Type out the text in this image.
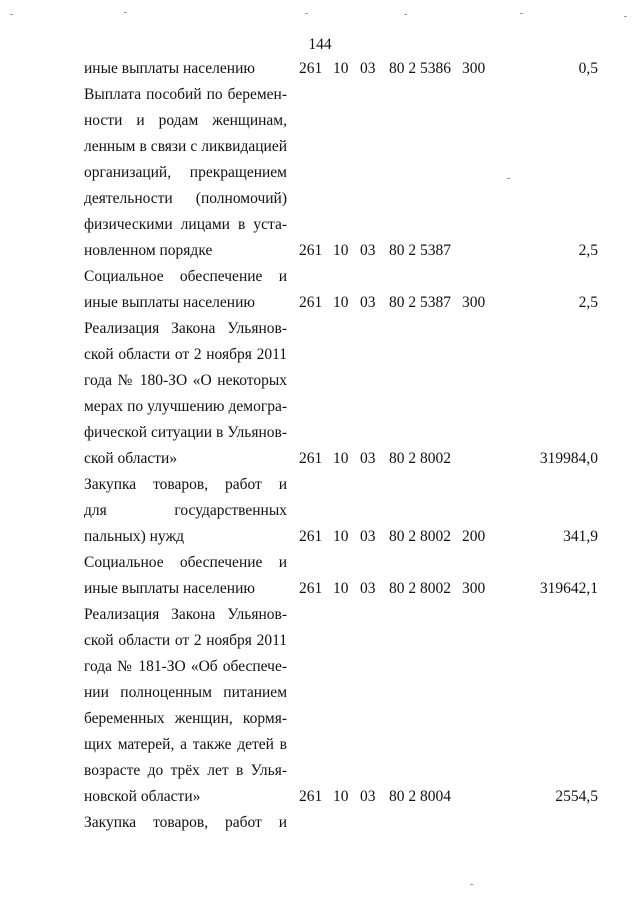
144
иные выплаты населению	261 10 03 80 2 5386 300	0,5
Выплата пособий по беремен-
ности и родам женщинам,
ленным в связи с ликвидацией
организаций, прекращением
деятельности (полномочий)
физическими лицами в уста-
новленном порядке	261 10 03 80 2 5387	2,5
Социальное обеспечение и
иные выплаты населению	261 10 03 80 2 5387 300	2,5
Реализация Закона Ульянов-
ской области от 2 ноября 2011
года № 180-ЗО «О некоторых
мерах по улучшению демогра-
фической ситуации в Ульянов-
ской области»	261 10 03 80 2 8002	319984,0
Закупка товаров, работ и
для государственных
пальных) нужд	261 10 03 80 2 8002 200	341,9
Социальное обеспечение и
иные выплаты населению	261 10 03 80 2 8002 300	319642,1
Реализация Закона Ульянов-
ской области от 2 ноября 2011
года № 181-ЗО «Об обеспече-
нии полноценным питанием
беременных женщин, кормя-
щих матерей, а также детей в
возрасте до трёх лет в Улья-
новской области»	261 10 03 80 2 8004	2554,5
Закупка товаров, работ и
